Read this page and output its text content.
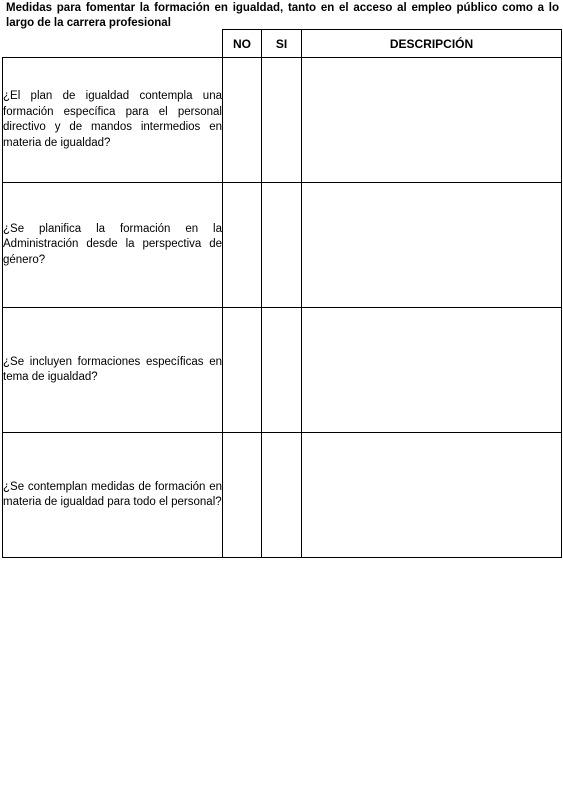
Medidas para fomentar la formación en igualdad, tanto en el acceso al empleo público como a lo largo de la carrera profesional
	NO	SI	DESCRIPCIÓN
¿El plan de igualdad contempla una formación específica para el personal directivo y de mandos intermedios en materia de igualdad?			
¿Se planifica la formación en la Administración desde la perspectiva de género?			
¿Se incluyen formaciones específicas en tema de igualdad?			
¿Se contemplan medidas de formación en materia de igualdad para todo el personal?			
